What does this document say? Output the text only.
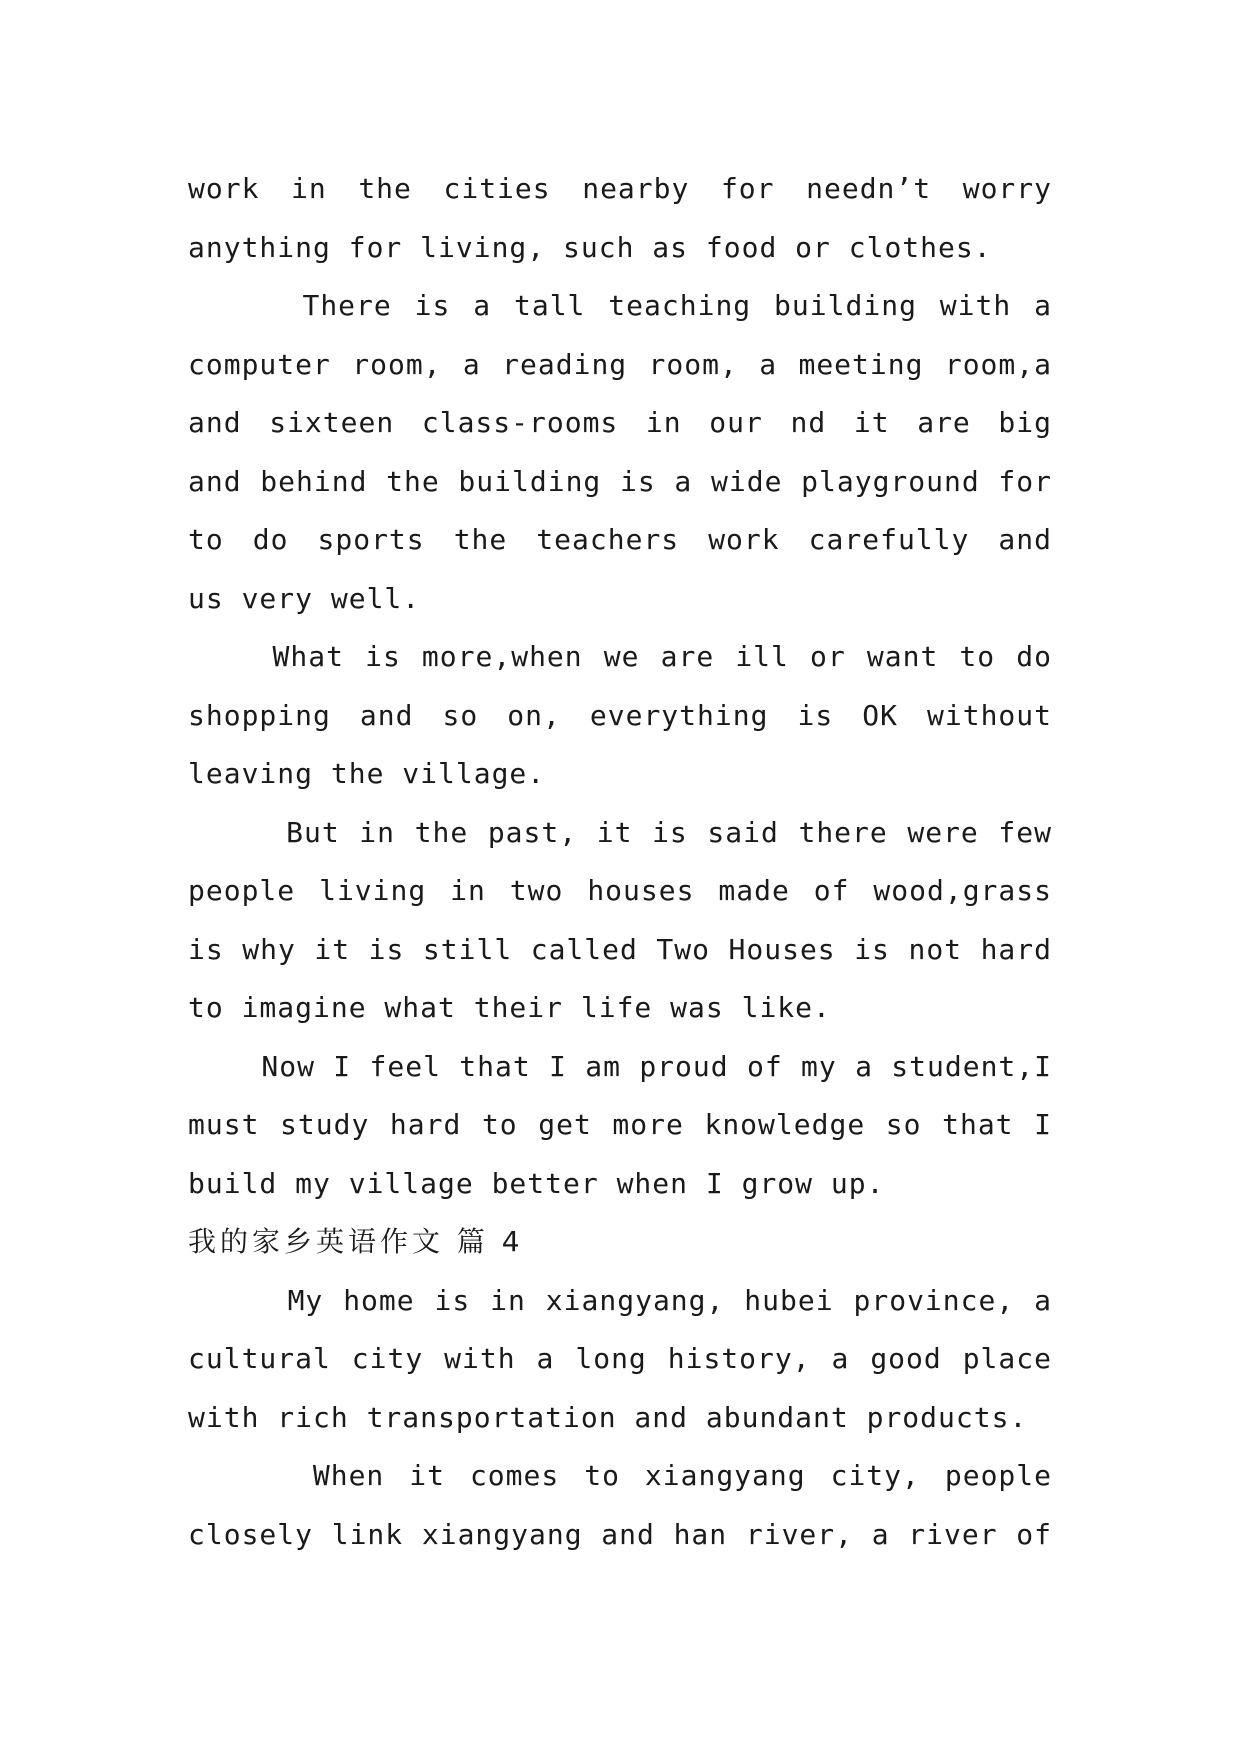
work in the cities nearby for needn’t worry
anything for living, such as food or clothes.
There is a tall teaching building with a
computer room, a reading room, a meeting room,a
and sixteen class-rooms in our nd it are big
and behind the building is a wide playground for
to do sports the teachers work carefully and
us very well.
What is more,when we are ill or want to do
shopping and so on, everything is OK without
leaving the village.
But in the past, it is said there were few
people living in two houses made of wood,grass
is why it is still called Two Houses is not hard
to imagine what their life was like.
Now I feel that I am proud of my a student,I
must study hard to get more knowledge so that I
build my village better when I grow up.
我的家乡英语作文 篇 4
My home is in xiangyang, hubei province, a
cultural city with a long history, a good place
with rich transportation and abundant products.
When it comes to xiangyang city, people
closely link xiangyang and han river, a river of
